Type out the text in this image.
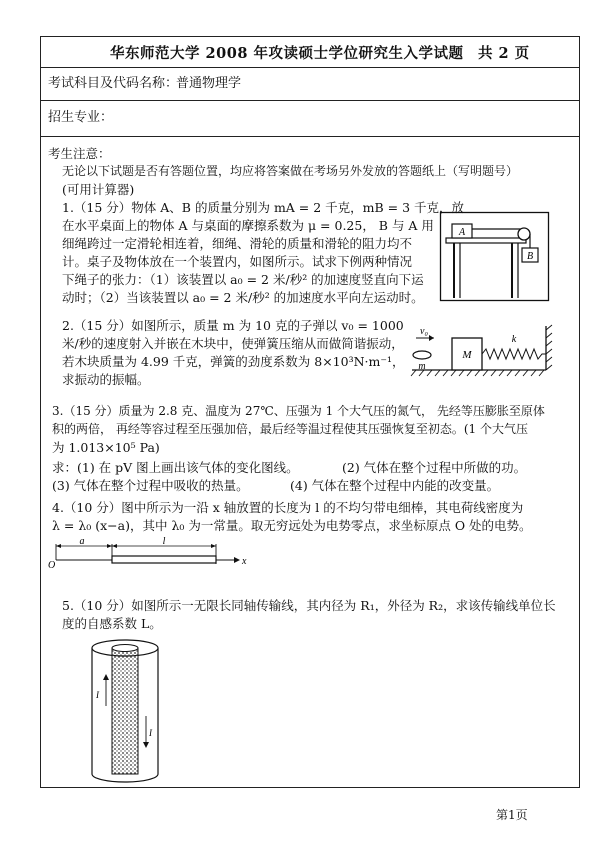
华东师范大学 2008 年攻读硕士学位研究生入学试题 共 2 页
考试科目及代码名称：
普通物理学
招生专业：
考生注意：
无论以下试题是否有答题位置，均应将答案做在考场另外发放的答题纸上（写明题号）
(可用计算器)
1.（15 分）物体 A、B 的质量分别为 mA = 2 千克，mB = 3 千克，放
在水平桌面上的物体 A 与桌面的摩擦系数为 μ = 0.25， B 与 A 用
细绳跨过一定滑轮相连着，细绳、滑轮的质量和滑轮的阻力均不
计。桌子及物体放在一个装置内，如图所示。试求下例两种情况
下绳子的张力：（1）该装置以 a₀ = 2 米/秒² 的加速度竖直向下运
动时；（2）当该装置以 a₀ = 2 米/秒² 的加速度水平向左运动时。
A
B
2.（15 分）如图所示，质量 m 为 10 克的子弹以 v₀ = 1000
米/秒的速度射入并嵌在木块中，使弹簧压缩从而做简谐振动，
若木块质量为 4.99 千克，弹簧的劲度系数为 8×10³N·m⁻¹，
求振动的振幅。
v₀
m
M
k
3.（15 分）质量为 2.8 克、温度为 27℃、压强为 1 个大气压的氮气， 先经等压膨胀至原体
积的两倍， 再经等容过程至压强加倍，最后经等温过程使其压强恢复至初态。(1 个大气压
为 1.013×10⁵ Pa)
求：(1) 在 pV 图上画出该气体的变化图线。	(2) 气体在整个过程中所做的功。
(3) 气体在整个过程中吸收的热量。	(4) 气体在整个过程中内能的改变量。
4.（10 分）图中所示为一沿 x 轴放置的长度为 l 的不均匀带电细棒，其电荷线密度为
λ = λ₀ (x−a)，其中 λ₀ 为一常量。取无穷远处为电势零点，求坐标原点 O 处的电势。
a	l
O	x
5.（10 分）如图所示一无限长同轴传输线，其内径为 R₁，外径为 R₂，求该传输线单位长
度的自感系数 L。
I
I
第1页
